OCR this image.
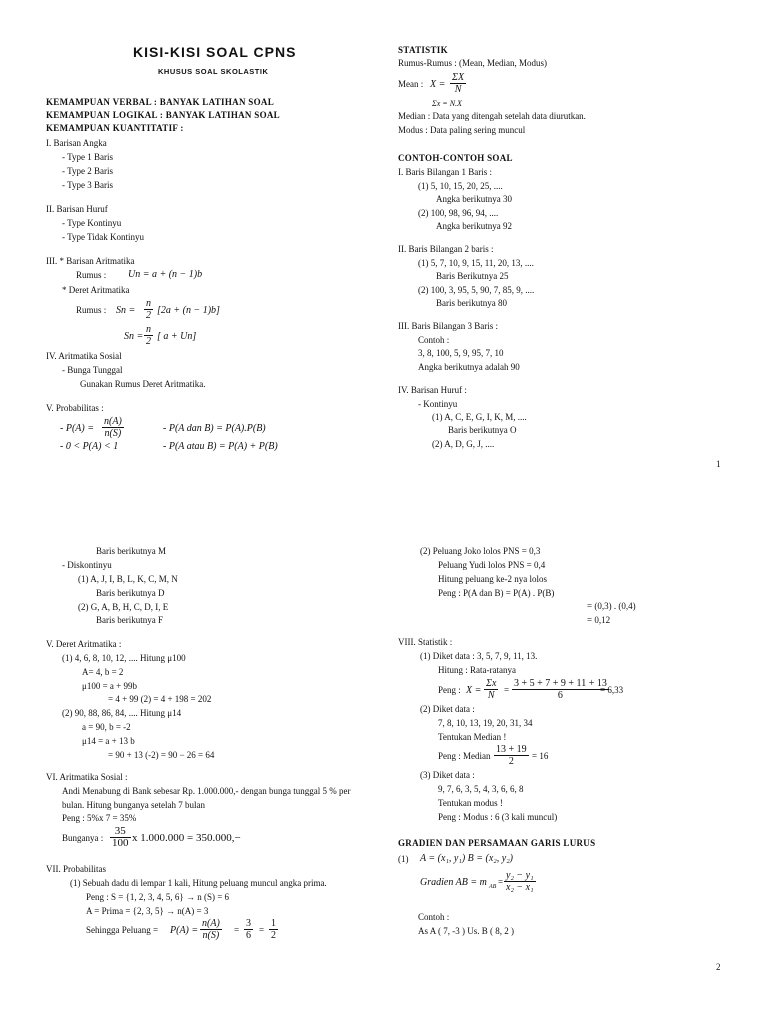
KISI-KISI SOAL CPNS
KHUSUS SOAL SKOLASTIK
KEMAMPUAN VERBAL : BANYAK LATIHAN SOAL
KEMAMPUAN LOGIKAL : BANYAK LATIHAN SOAL
KEMAMPUAN KUANTITATIF :
I. Barisan Angka
- Type 1 Baris
- Type 2 Baris
- Type 3 Baris
II. Barisan Huruf
- Type Kontinyu
- Type Tidak Kontinyu
III. * Barisan Aritmatika
Rumus : Un = a + (n − 1)b
* Deret Aritmatika
Rumus : $Sn = \frac{n}{2} [2a + (n - 1)b]$
$Sn = \frac{n}{2}$ [ a + Un]
IV. Aritmatika Sosial
- Bunga Tunggal
Gunakan Rumus Deret Aritmatika.
V. Probabilitas :
- $P(A) = \frac{n(A)}{n(S)}$	- P(A dan B) = P(A).P(B)
- 0 < P(A) < 1	- P(A atau B) = P(A) + P(B)
STATISTIK
Rumus-Rumus : (Mean, Median, Modus)
Mean : $X = \frac{\Sigma X}{N}$
Σx = N.X
Median : Data yang ditengah setelah data diurutkan.
Modus : Data paling sering muncul
CONTOH-CONTOH SOAL
I. Baris Bilangan 1 Baris :
(1) 5, 10, 15, 20, 25, ....
Angka berikutnya 30
(2) 100, 98, 96, 94, ....
Angka berikutnya 92
II. Baris Bilangan 2 baris :
(1) 5, 7, 10, 9, 15, 11, 20, 13, ....
Baris Berikutnya 25
(2) 100, 3, 95, 5, 90, 7, 85, 9, ....
Baris berikutnya 80
III. Baris Bilangan 3 Baris :
Contoh :
3, 8, 100, 5, 9, 95, 7, 10
Angka berikutnya adalah 90
IV. Barisan Huruf :
- Kontinyu
(1) A, C, E, G, I, K, M, ....
Baris berikutnya O
(2) A, D, G, J, ....
1
Baris berikutnya M
- Diskontinyu
(1) A, J, I, B, L, K, C, M, N
Baris berikutnya D
(2) G, A, B, H, C, D, I, E
Baris berikutnya F
V. Deret Aritmatika :
(1) 4, 6, 8, 10, 12, .... Hitung μ100
A= 4, b = 2
μ100 = a + 99b
= 4 + 99 (2) = 4 + 198 = 202
(2) 90, 88, 86, 84, .... Hitung μ14
a = 90, b = -2
μ14 = a + 13 b
= 90 + 13 (-2) = 90 − 26 = 64
VI. Aritmatika Sosial :
Andi Menabung di Bank sebesar Rp. 1.000.000,- dengan bunga tunggal 5 % per
bulan. Hitung bunganya setelah 7 bulan
Peng : 5%x 7 = 35%
Bunganya : $\frac{35}{100}$ x 1.000.000 = 350.000,−
VII. Probabilitas
(1) Sebuah dadu di lempar 1 kali, Hitung peluang muncul angka prima.
Peng : S = {1, 2, 3, 4, 5, 6} → n (S) = 6
A = Prima = {2, 3, 5} → n(A) = 3
Sehingga Peluang = $P(A) = \frac{n(A)}{n(S)} = \frac{3}{6} = \frac{1}{2}$
(2) Peluang Joko lolos PNS = 0,3
Peluang Yudi lolos PNS = 0,4
Hitung peluang ke-2 nya lolos
Peng : P(A dan B) = P(A) . P(B)
= (0,3) . (0,4)
= 0,12
VIII. Statistik :
(1) Diket data : 3, 5, 7, 9, 11, 13.
Hitung : Rata-ratanya
Peng : $X = \frac{\Sigma x}{N} = \frac{3 + 5 + 7 + 9 + 11 + 13}{6}$
= 6,33
(2) Diket data :
7, 8, 10, 13, 19, 20, 31, 34
Tentukan Median !
Peng : Median $\frac{13 + 19}{2} = 16$
(3) Diket data :
9, 7, 6, 3, 5, 4, 3, 6, 6, 8
Tentukan modus !
Peng : Modus : 6 (3 kali muncul)
GRADIEN DAN PERSAMAAN GARIS LURUS
(1) A = (x₁, y₁) B = (x₂, y₂)
Gradien AB = m AB = $\frac{\text{y₂ − y₁}}{\text{x₂ − x₁}}$
Contoh :
As A ( 7, -3 ) Us. B ( 8, 2 )
2
